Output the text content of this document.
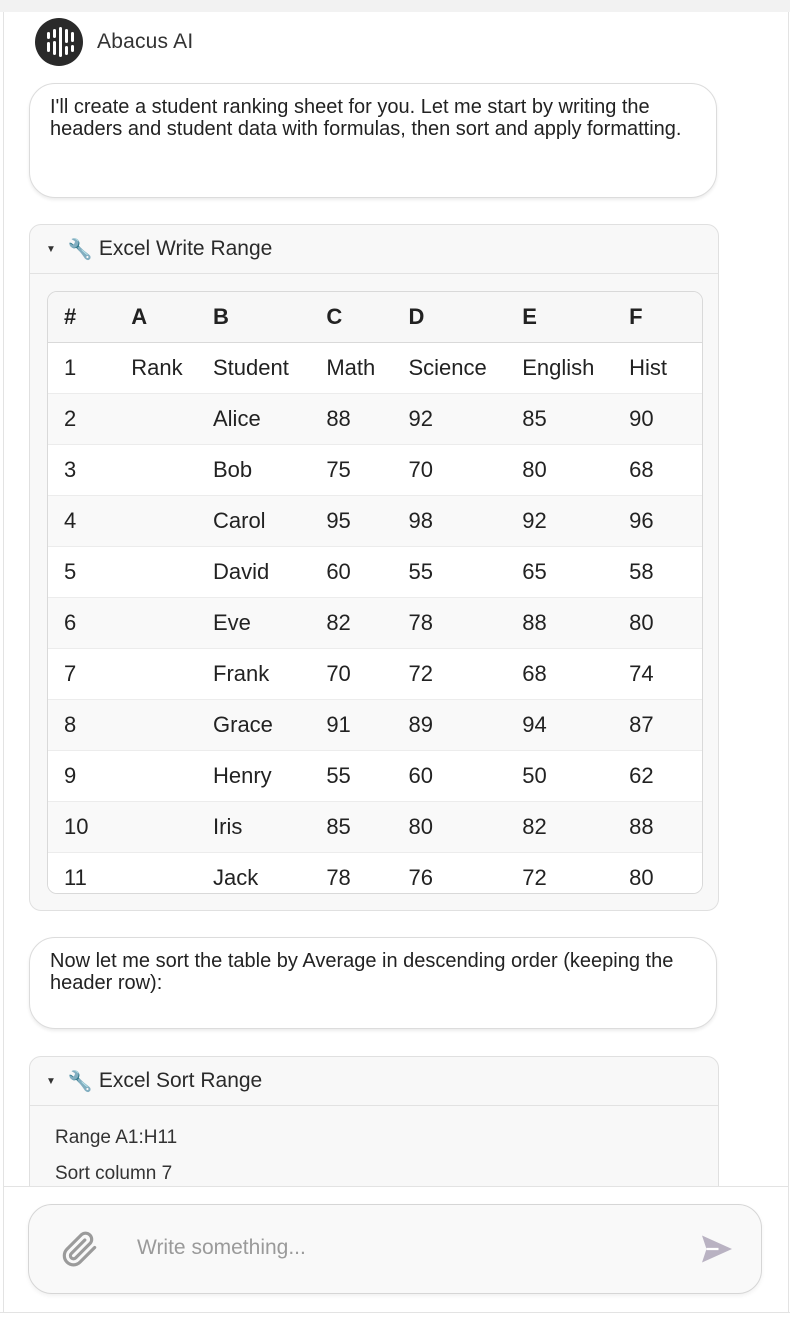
Abacus AI
I'll create a student ranking sheet for you. Let me start by writing the headers and student data with formulas, then sort and apply formatting.
▼ 🔧 Excel Write Range
#	A	B	C	D	E	F
1	Rank	Student	Math	Science	English	Hist
2		Alice	88	92	85	90
3		Bob	75	70	80	68
4		Carol	95	98	92	96
5		David	60	55	65	58
6		Eve	82	78	88	80
7		Frank	70	72	68	74
8		Grace	91	89	94	87
9		Henry	55	60	50	62
10		Iris	85	80	82	88
11		Jack	78	76	72	80
Now let me sort the table by Average in descending order (keeping the header row):
▼ 🔧 Excel Sort Range
Range A1:H11
Sort column 7
Write something...
